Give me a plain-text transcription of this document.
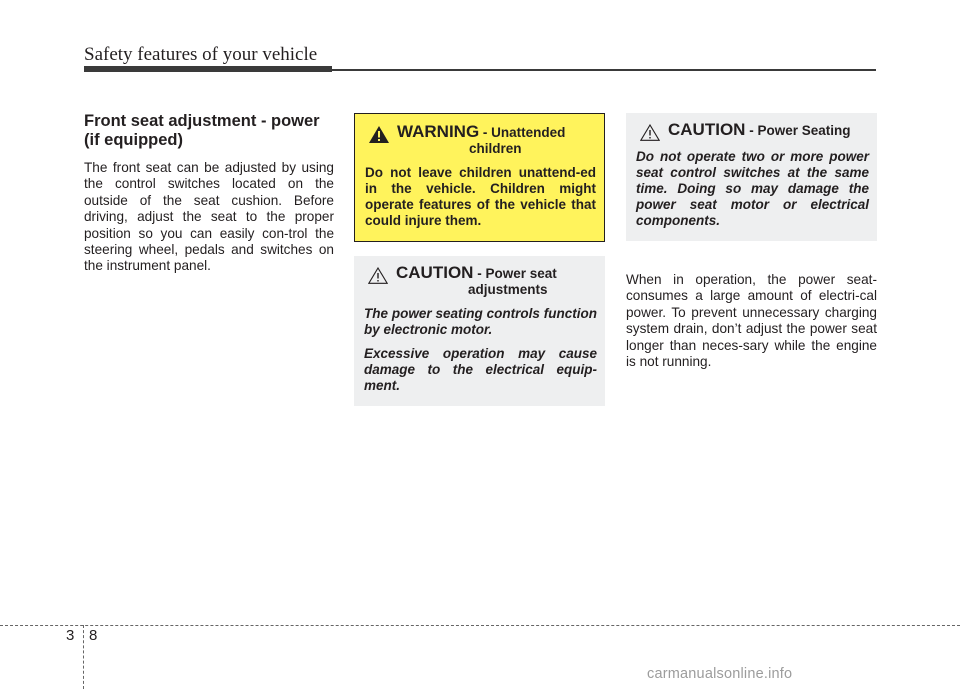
Safety features of your vehicle
Front seat adjustment - power
(if equipped)

The front seat can be adjusted by using the control switches located on the outside of the seat cushion. Before driving, adjust the seat to the proper position so you can easily con-trol the steering wheel, pedals and switches on the instrument panel.

WARNING - Unattended
children

Do not leave children unattend-ed in the vehicle. Children might operate features of the vehicle that could injure them.

CAUTION - Power seat
adjustments

The power seating controls function by electronic motor.

Excessive operation may cause damage to the electrical equip-ment.

CAUTION - Power Seating

Do not operate two or more power seat control switches at the same time. Doing so may damage the power seat motor or electrical components.

When in operation, the power seat-consumes a large amount of electri-cal power. To prevent unnecessary charging system drain, don’t adjust the power seat longer than neces-sary while the engine is not running.

3 8
carmanualsonline.info
